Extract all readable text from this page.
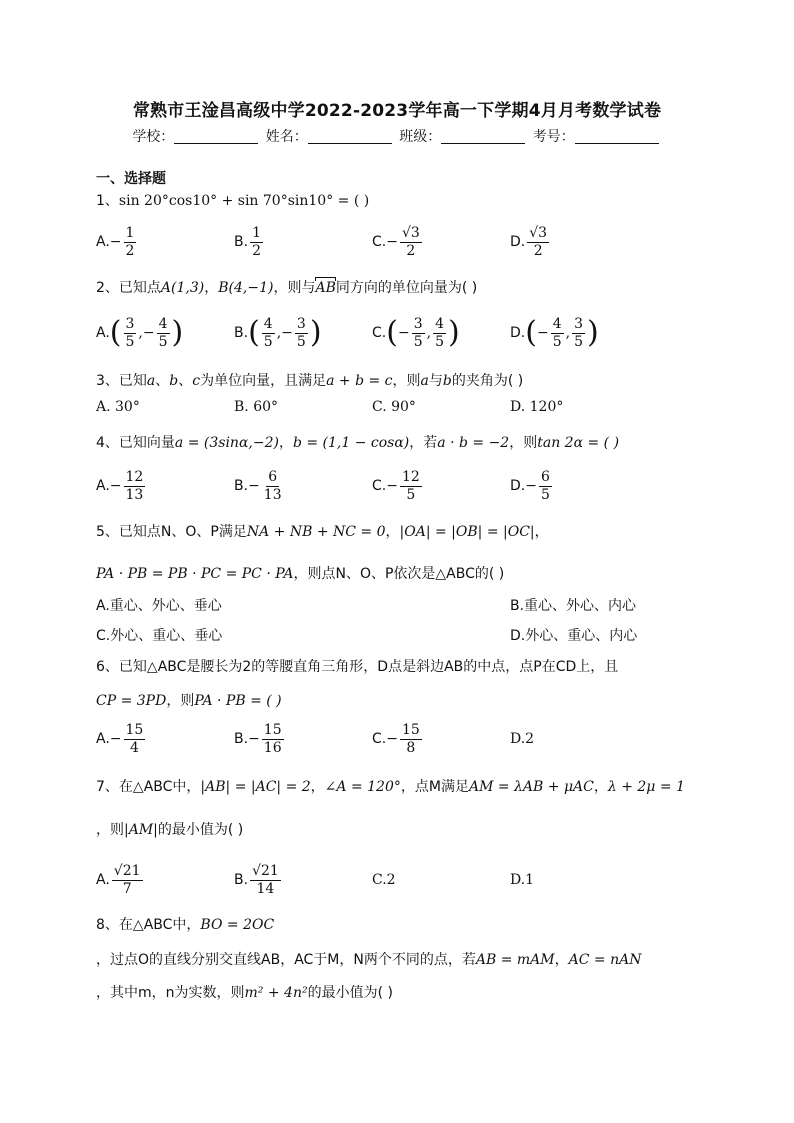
常熟市王淦昌高级中学2022-2023学年高一下学期4月月考数学试卷
学校：	姓名：	班级：	考号：
一、选择题
1、sin 20°cos10° + sin 70°sin10° = ( )
A. − $\frac{1}{2}$	B. $\frac{1}{2}$	C. − $\frac{√3}{2}$	D. $\frac{√3}{2}$
2、已知点A(1,3)，B(4,−1)，则与AB同方向的单位向量为( )
A. ( $\frac{3}{5}$ , − $\frac{4}{5}$ )	B. ( $\frac{4}{5}$ , − $\frac{3}{5}$ )	C. ( − $\frac{3}{5}$ , $\frac{4}{5}$ )	D. ( − $\frac{4}{5}$ , $\frac{3}{5}$ )
3、已知a、b、c为单位向量，且满足a + b = c，则a与b的夹角为( )
A. 30°	B. 60°	C. 90°	D. 120°
4、已知向量a = (3sinα,−2)，b = (1,1 − cosα)，若a · b = −2，则tan 2α = ( )
A. − $\frac{12}{13}$	B. − $\frac{6}{13}$	C. − $\frac{12}{5}$	D. − $\frac{6}{5}$
5、已知点N、O、P满足NA + NB + NC = 0，|OA| = |OB| = |OC|，
PA · PB = PB · PC = PC · PA，则点N、O、P依次是△ABC的( )
A.重心、外心、垂心	B.重心、外心、内心
C.外心、重心、垂心	D.外心、重心、内心
6、已知△ABC是腰长为2的等腰直角三角形，D点是斜边AB的中点，点P在CD上，且
CP = 3PD，则PA · PB = ( )
A. − $\frac{15}{4}$	B. − $\frac{15}{16}$	C. − $\frac{15}{8}$	D.2
7、在△ABC中，|AB| = |AC| = 2，∠A = 120°，点M满足AM = λAB + μAC，λ + 2μ = 1
，则|AM|的最小值为( )
A. $\frac{√21}{7}$	B. $\frac{√21}{14}$	C.2	D.1
8、在△ABC中，BO = 2OC
，过点O的直线分别交直线AB，AC于M，N两个不同的点，若AB = mAM，AC = nAN
，其中m，n为实数，则m² + 4n²的最小值为( )
